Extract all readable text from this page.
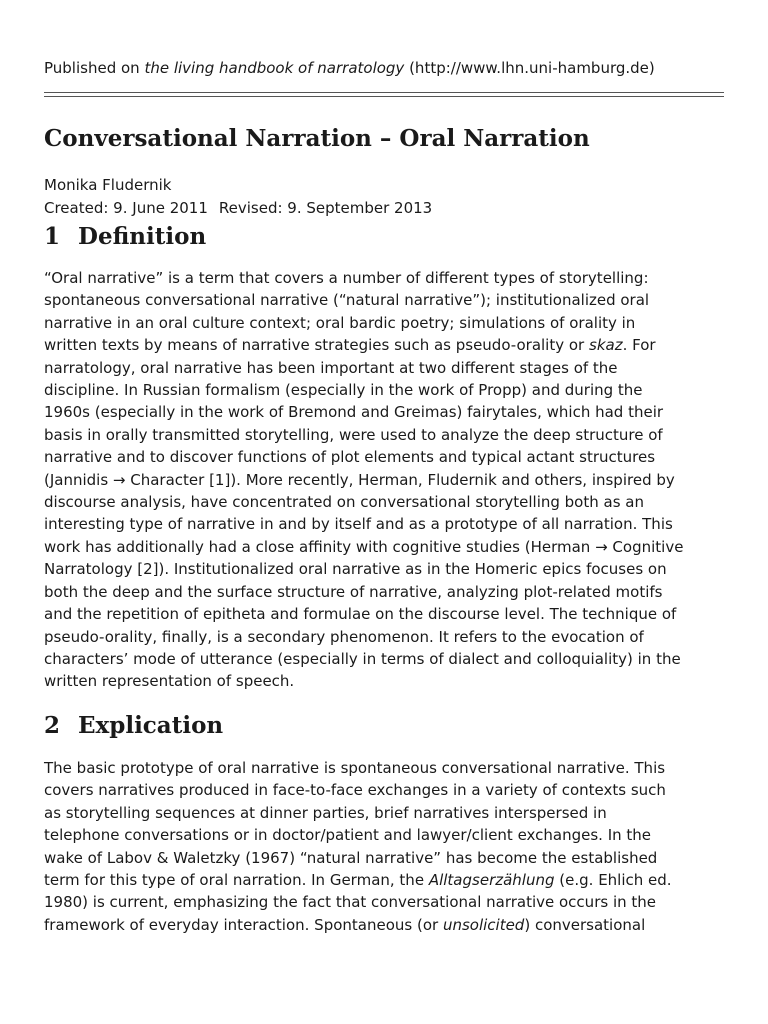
Published on the living handbook of narratology (http://www.lhn.uni-hamburg.de)
Conversational Narration – Oral Narration
Monika Fludernik
Created: 9. June 2011 Revised: 9. September 2013
1 Definition
“Oral narrative” is a term that covers a number of different types of storytelling:
spontaneous conversational narrative (“natural narrative”); institutionalized oral
narrative in an oral culture context; oral bardic poetry; simulations of orality in
written texts by means of narrative strategies such as pseudo-orality or skaz. For
narratology, oral narrative has been important at two different stages of the
discipline. In Russian formalism (especially in the work of Propp) and during the
1960s (especially in the work of Bremond and Greimas) fairytales, which had their
basis in orally transmitted storytelling, were used to analyze the deep structure of
narrative and to discover functions of plot elements and typical actant structures
(Jannidis → Character [1]). More recently, Herman, Fludernik and others, inspired by
discourse analysis, have concentrated on conversational storytelling both as an
interesting type of narrative in and by itself and as a prototype of all narration. This
work has additionally had a close affinity with cognitive studies (Herman → Cognitive
Narratology [2]). Institutionalized oral narrative as in the Homeric epics focuses on
both the deep and the surface structure of narrative, analyzing plot-related motifs
and the repetition of epitheta and formulae on the discourse level. The technique of
pseudo-orality, finally, is a secondary phenomenon. It refers to the evocation of
characters’ mode of utterance (especially in terms of dialect and colloquiality) in the
written representation of speech.
2 Explication
The basic prototype of oral narrative is spontaneous conversational narrative. This
covers narratives produced in face-to-face exchanges in a variety of contexts such
as storytelling sequences at dinner parties, brief narratives interspersed in
telephone conversations or in doctor/patient and lawyer/client exchanges. In the
wake of Labov & Waletzky (1967) “natural narrative” has become the established
term for this type of oral narration. In German, the Alltagserzählung (e.g. Ehlich ed.
1980) is current, emphasizing the fact that conversational narrative occurs in the
framework of everyday interaction. Spontaneous (or unsolicited) conversational
